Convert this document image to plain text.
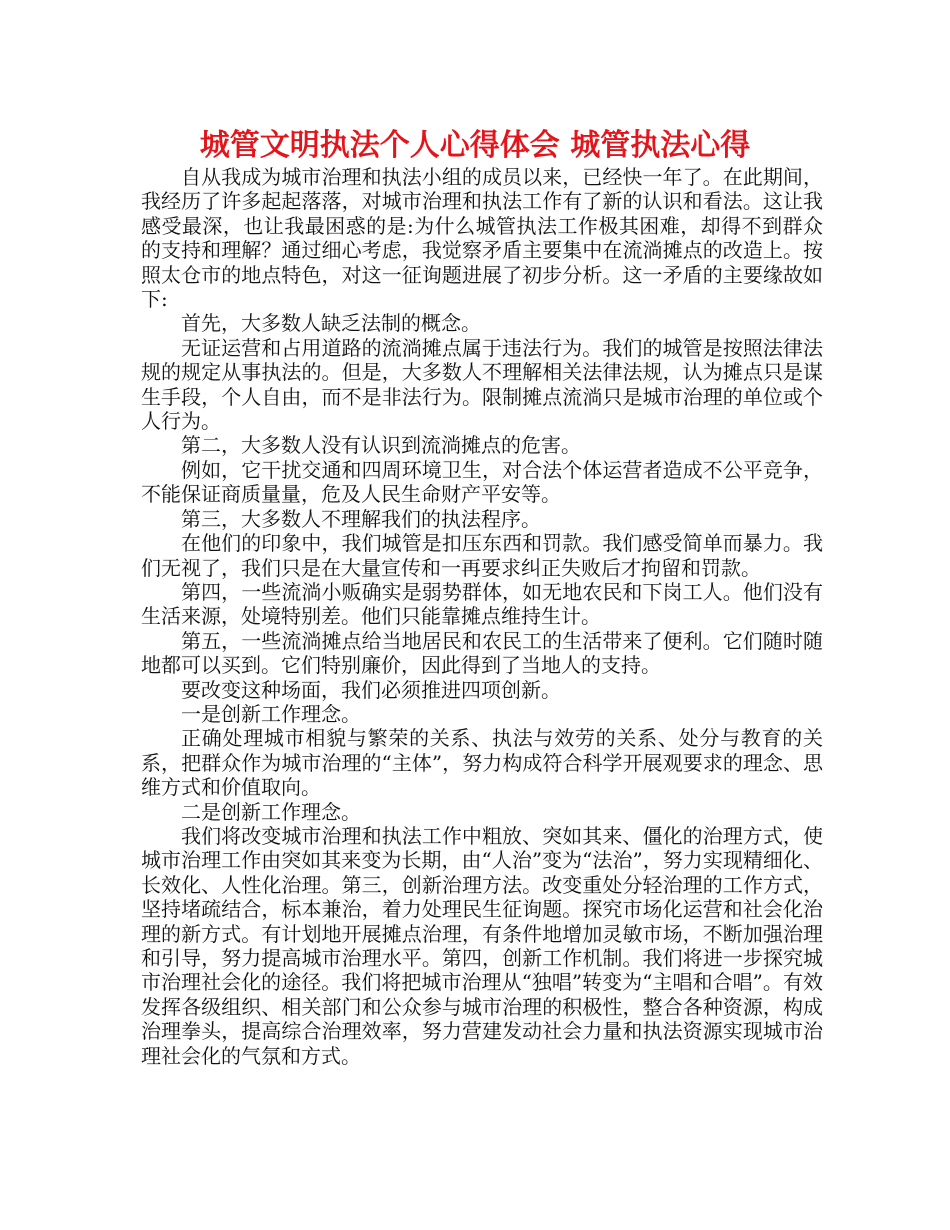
城管文明执法个人心得体会 城管执法心得

自从我成为城市治理和执法小组的成员以来，已经快一年了。在此期间，我经历了许多起起落落，对城市治理和执法工作有了新的认识和看法。这让我感受最深，也让我最困惑的是:为什么城管执法工作极其困难，却得不到群众的支持和理解？通过细心考虑，我觉察矛盾主要集中在流淌摊点的改造上。按照太仓市的地点特色，对这一征询题进展了初步分析。这一矛盾的主要缘故如下:

首先，大多数人缺乏法制的概念。

无证运营和占用道路的流淌摊点属于违法行为。我们的城管是按照法律法规的规定从事执法的。但是，大多数人不理解相关法律法规，认为摊点只是谋生手段，个人自由，而不是非法行为。限制摊点流淌只是城市治理的单位或个人行为。

第二，大多数人没有认识到流淌摊点的危害。

例如，它干扰交通和四周环境卫生，对合法个体运营者造成不公平竞争，不能保证商质量量，危及人民生命财产平安等。

第三，大多数人不理解我们的执法程序。

在他们的印象中，我们城管是扣压东西和罚款。我们感受简单而暴力。我们无视了，我们只是在大量宣传和一再要求纠正失败后才拘留和罚款。

第四，一些流淌小贩确实是弱势群体，如无地农民和下岗工人。他们没有生活来源，处境特别差。他们只能靠摊点维持生计。

第五，一些流淌摊点给当地居民和农民工的生活带来了便利。它们随时随地都可以买到。它们特别廉价，因此得到了当地人的支持。

要改变这种场面，我们必须推进四项创新。

一是创新工作理念。

正确处理城市相貌与繁荣的关系、执法与效劳的关系、处分与教育的关系，把群众作为城市治理的“主体”，努力构成符合科学开展观要求的理念、思维方式和价值取向。

二是创新工作理念。

我们将改变城市治理和执法工作中粗放、突如其来、僵化的治理方式，使城市治理工作由突如其来变为长期，由“人治”变为“法治”，努力实现精细化、长效化、人性化治理。第三，创新治理方法。改变重处分轻治理的工作方式，坚持堵疏结合，标本兼治，着力处理民生征询题。探究市场化运营和社会化治理的新方式。有计划地开展摊点治理，有条件地增加灵敏市场，不断加强治理和引导，努力提高城市治理水平。第四，创新工作机制。我们将进一步探究城市治理社会化的途径。我们将把城市治理从“独唱”转变为“主唱和合唱”。有效发挥各级组织、相关部门和公众参与城市治理的积极性，整合各种资源，构成治理拳头，提高综合治理效率，努力营建发动社会力量和执法资源实现城市治理社会化的气氛和方式。
